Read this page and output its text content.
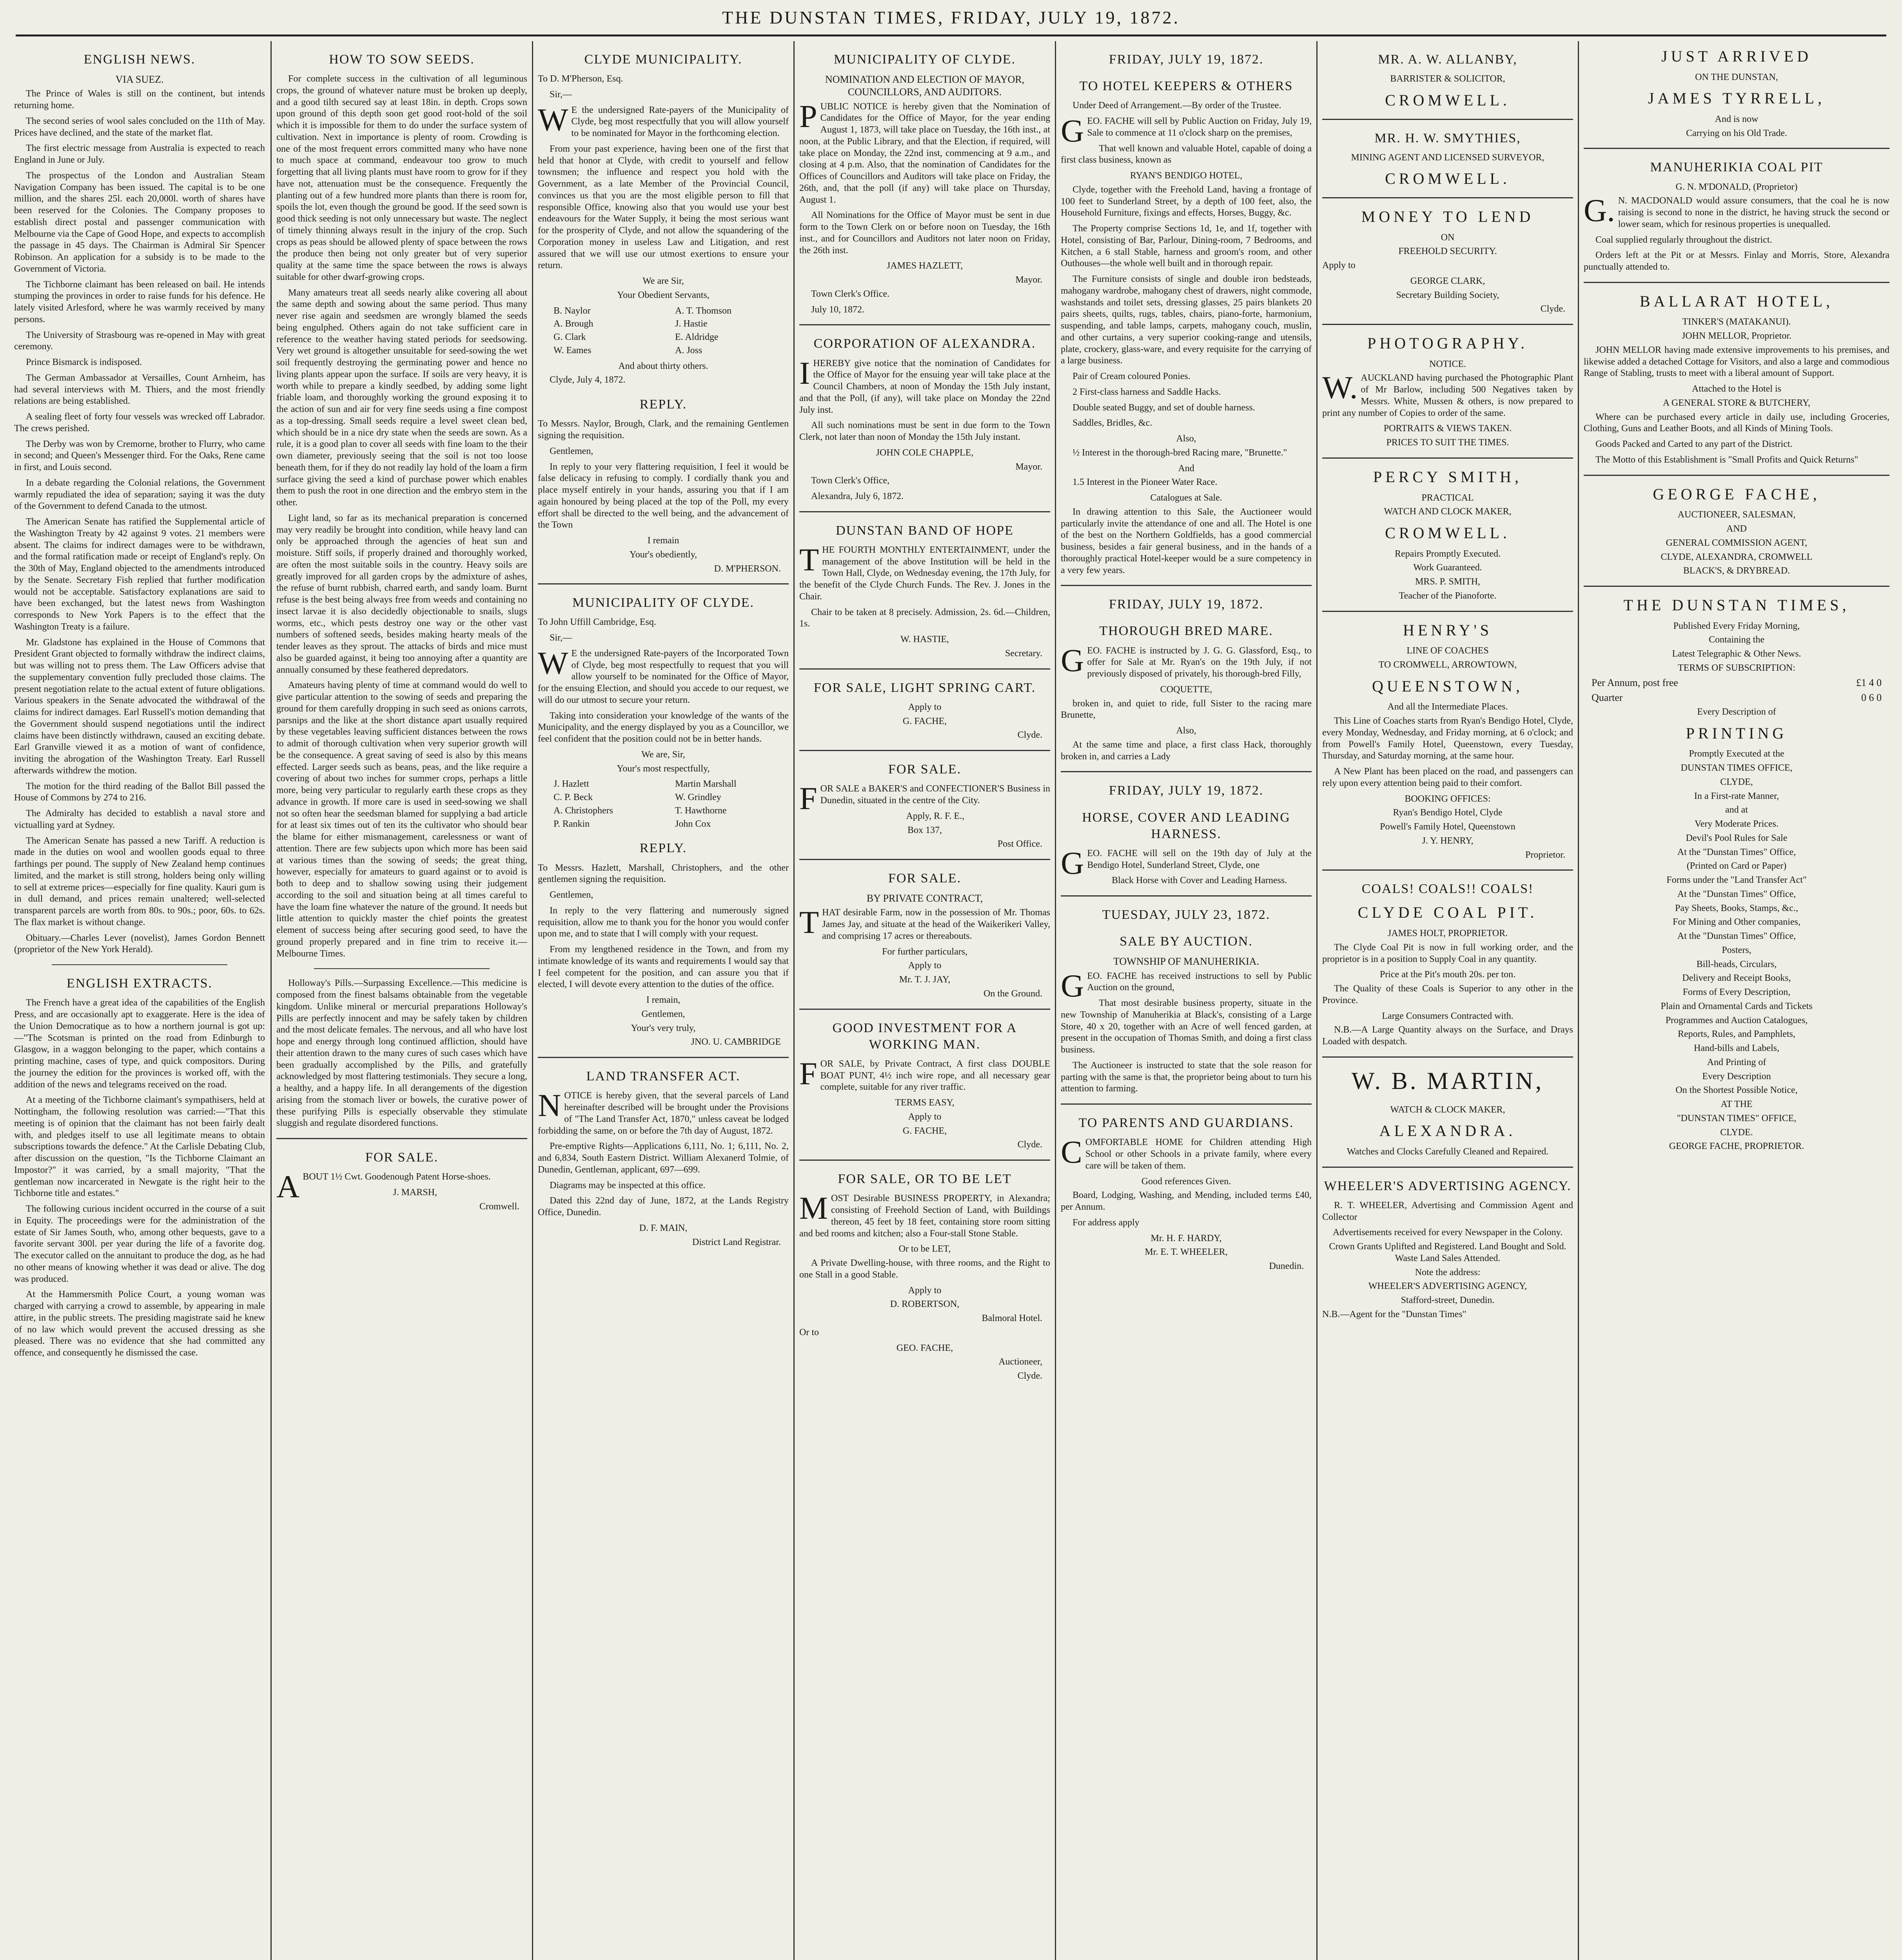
THE DUNSTAN TIMES, FRIDAY, JULY 19, 1872.
ENGLISH NEWS.
VIA SUEZ.
The Prince of Wales is still on the continent, but intends returning home.
The second series of wool sales concluded on the 11th of May. Prices have declined, and the state of the market flat.
The first electric message from Australia is expected to reach England in June or July.
The prospectus of the London and Australian Steam Navigation Company has been issued. The capital is to be one million, and the shares 25l. each 20,000l. worth of shares have been reserved for the Colonies. The Company proposes to establish direct postal and passenger communication with Melbourne via the Cape of Good Hope, and expects to accomplish the passage in 45 days. The Chairman is Admiral Sir Spencer Robinson. An application for a subsidy is to be made to the Government of Victoria.
The Tichborne claimant has been released on bail. He intends stumping the provinces in order to raise funds for his defence. He lately visited Arlesford, where he was warmly received by many persons.
The University of Strasbourg was re-opened in May with great ceremony.
Prince Bismarck is indisposed.
The German Ambassador at Versailles, Count Arnheim, has had several interviews with M. Thiers, and the most friendly relations are being established.
A sealing fleet of forty four vessels was wrecked off Labrador. The crews perished.
The Derby was won by Cremorne, brother to Flurry, who came in second; and Queen's Messenger third. For the Oaks, Rene came in first, and Louis second.
In a debate regarding the Colonial relations, the Government warmly repudiated the idea of separation; saying it was the duty of the Government to defend Canada to the utmost.
The American Senate has ratified the Supplemental article of the Washington Treaty by 42 against 9 votes. 21 members were absent. The claims for indirect damages were to be withdrawn, and the formal ratification made or receipt of England's reply. On the 30th of May, England objected to the amendments introduced by the Senate. Secretary Fish replied that further modification would not be acceptable. Satisfactory explanations are said to have been exchanged, but the latest news from Washington corresponds to New York Papers is to the effect that the Washington Treaty is a failure.
Mr. Gladstone has explained in the House of Commons that President Grant objected to formally withdraw the indirect claims, but was willing not to press them. The Law Officers advise that the supplementary convention fully precluded those claims. The present negotiation relate to the actual extent of future obligations. Various speakers in the Senate advocated the withdrawal of the claims for indirect damages. Earl Russell's motion demanding that the Government should suspend negotiations until the indirect claims have been distinctly withdrawn, caused an exciting debate. Earl Granville viewed it as a motion of want of confidence, inviting the abrogation of the Washington Treaty. Earl Russell afterwards withdrew the motion.
The motion for the third reading of the Ballot Bill passed the House of Commons by 274 to 216.
The Admiralty has decided to establish a naval store and victualling yard at Sydney.
The American Senate has passed a new Tariff. A reduction is made in the duties on wool and woollen goods equal to three farthings per pound. The supply of New Zealand hemp continues limited, and the market is still strong, holders being only willing to sell at extreme prices—especially for fine quality. Kauri gum is in dull demand, and prices remain unaltered; well-selected transparent parcels are worth from 80s. to 90s.; poor, 60s. to 62s. The flax market is without change.
Obituary.—Charles Lever (novelist), James Gordon Bennett (proprietor of the New York Herald).
ENGLISH EXTRACTS.
The French have a great idea of the capabilities of the English Press, and are occasionally apt to exaggerate. Here is the idea of the Union Democratique as to how a northern journal is got up:—"The Scotsman is printed on the road from Edinburgh to Glasgow, in a waggon belonging to the paper, which contains a printing machine, cases of type, and quick compositors. During the journey the edition for the provinces is worked off, with the addition of the news and telegrams received on the road.
At a meeting of the Tichborne claimant's sympathisers, held at Nottingham, the following resolution was carried:—"That this meeting is of opinion that the claimant has not been fairly dealt with, and pledges itself to use all legitimate means to obtain subscriptions towards the defence." At the Carlisle Debating Club, after discussion on the question, "Is the Tichborne Claimant an Impostor?" it was carried, by a small majority, "That the gentleman now incarcerated in Newgate is the right heir to the Tichborne title and estates."
The following curious incident occurred in the course of a suit in Equity. The proceedings were for the administration of the estate of Sir James South, who, among other bequests, gave to a favorite servant 300l. per year during the life of a favorite dog. The executor called on the annuitant to produce the dog, as he had no other means of knowing whether it was dead or alive. The dog was produced.
At the Hammersmith Police Court, a young woman was charged with carrying a crowd to assemble, by appearing in male attire, in the public streets. The presiding magistrate said he knew of no law which would prevent the accused dressing as she pleased. There was no evidence that she had committed any offence, and consequently he dismissed the case.
HOW TO SOW SEEDS.
For complete success in the cultivation of all leguminous crops, the ground of whatever nature must be broken up deeply, and a good tilth secured say at least 18in. in depth. Crops sown upon ground of this depth soon get good root-hold of the soil which it is impossible for them to do under the surface system of cultivation. Next in importance is plenty of room. Crowding is one of the most frequent errors committed many who have none to much space at command, endeavour too grow to much forgetting that all living plants must have room to grow for if they have not, attenuation must be the consequence. Frequently the planting out of a few hundred more plants than there is room for, spoils the lot, even though the ground be good. If the seed sown is good thick seeding is not only unnecessary but waste. The neglect of timely thinning always result in the injury of the crop. Such crops as peas should be allowed plenty of space between the rows the produce then being not only greater but of very superior quality at the same time the space between the rows is always suitable for other dwarf-growing crops.
Many amateurs treat all seeds nearly alike covering all about the same depth and sowing about the same period. Thus many never rise again and seedsmen are wrongly blamed the seeds being engulphed. Others again do not take sufficient care in reference to the weather having stated periods for seedsowing. Very wet ground is altogether unsuitable for seed-sowing the wet soil frequently destroying the germinating power and hence no living plants appear upon the surface. If soils are very heavy, it is worth while to prepare a kindly seedbed, by adding some light friable loam, and thoroughly working the ground exposing it to the action of sun and air for very fine seeds using a fine compost as a top-dressing. Small seeds require a level sweet clean bed, which should be in a nice dry state when the seeds are sown. As a rule, it is a good plan to cover all seeds with fine loam to the their own diameter, previously seeing that the soil is not too loose beneath them, for if they do not readily lay hold of the loam a firm surface giving the seed a kind of purchase power which enables them to push the root in one direction and the embryo stem in the other.
Light land, so far as its mechanical preparation is concerned may very readily be brought into condition, while heavy land can only be approached through the agencies of heat sun and moisture. Stiff soils, if properly drained and thoroughly worked, are often the most suitable soils in the country. Heavy soils are greatly improved for all garden crops by the admixture of ashes, the refuse of burnt rubbish, charred earth, and sandy loam. Burnt refuse is the best being always free from weeds and containing no insect larvae it is also decidedly objectionable to snails, slugs worms, etc., which pests destroy one way or the other vast numbers of softened seeds, besides making hearty meals of the tender leaves as they sprout. The attacks of birds and mice must also be guarded against, it being too annoying after a quantity are annually consumed by these feathered depredators.
Amateurs having plenty of time at command would do well to give particular attention to the sowing of seeds and preparing the ground for them carefully dropping in such seed as onions carrots, parsnips and the like at the short distance apart usually required by these vegetables leaving sufficient distances between the rows to admit of thorough cultivation when very superior growth will be the consequence. A great saving of seed is also by this means effected. Larger seeds such as beans, peas, and the like require a covering of about two inches for summer crops, perhaps a little more, being very particular to regularly earth these crops as they advance in growth. If more care is used in seed-sowing we shall not so often hear the seedsman blamed for supplying a bad article for at least six times out of ten its the cultivator who should bear the blame for either mismanagement, carelessness or want of attention. There are few subjects upon which more has been said at various times than the sowing of seeds; the great thing, however, especially for amateurs to guard against or to avoid is both to deep and to shallow sowing using their judgement according to the soil and situation being at all times careful to have the loam fine whatever the nature of the ground. It needs but little attention to quickly master the chief points the greatest element of success being after securing good seed, to have the ground properly prepared and in fine trim to receive it.—Melbourne Times.
Holloway's Pills.—Surpassing Excellence.—This medicine is composed from the finest balsams obtainable from the vegetable kingdom. Unlike mineral or mercurial preparations Holloway's Pills are perfectly innocent and may be safely taken by children and the most delicate females. The nervous, and all who have lost hope and energy through long continued affliction, should have their attention drawn to the many cures of such cases which have been gradually accomplished by the Pills, and gratefully acknowledged by most flattering testimonials. They secure a long, a healthy, and a happy life. In all derangements of the digestion arising from the stomach liver or bowels, the curative power of these purifying Pills is especially observable they stimulate sluggish and regulate disordered functions.
FOR SALE.
ABOUT 1½ Cwt. Goodenough Patent Horse-shoes.
J. MARSH,
Cromwell.
CLYDE MUNICIPALITY.
To D. M'Pherson, Esq.
Sir,—
WE the undersigned Rate-payers of the Municipality of Clyde, beg most respectfully that you will allow yourself to be nominated for Mayor in the forthcoming election.
From your past experience, having been one of the first that held that honor at Clyde, with credit to yourself and fellow townsmen; the influence and respect you hold with the Government, as a late Member of the Provincial Council, convinces us that you are the most eligible person to fill that responsible Office, knowing also that you would use your best endeavours for the Water Supply, it being the most serious want for the prosperity of Clyde, and not allow the squandering of the Corporation money in useless Law and Litigation, and rest assured that we will use our utmost exertions to ensure your return.
We are Sir,
Your Obedient Servants,
B. Naylor	A. T. Thomson
A. Brough	J. Hastie
G. Clark	E. Aldridge
W. Eames	A. Joss
And about thirty others.
Clyde, July 4, 1872.
REPLY.
To Messrs. Naylor, Brough, Clark, and the remaining Gentlemen signing the requisition.
Gentlemen,
In reply to your very flattering requisition, I feel it would be false delicacy in refusing to comply. I cordially thank you and place myself entirely in your hands, assuring you that if I am again honoured by being placed at the top of the Poll, my every effort shall be directed to the well being, and the advancement of the Town
I remain
Your's obediently,
D. M'PHERSON.
MUNICIPALITY OF CLYDE.
To John Uffill Cambridge, Esq.
Sir,—
WE the undersigned Rate-payers of the Incorporated Town of Clyde, beg most respectfully to request that you will allow yourself to be nominated for the Office of Mayor, for the ensuing Election, and should you accede to our request, we will do our utmost to secure your return.
Taking into consideration your knowledge of the wants of the Municipality, and the energy displayed by you as a Councillor, we feel confident that the position could not be in better hands.
We are, Sir,
Your's most respectfully,
J. Hazlett	Martin Marshall
C. P. Beck	W. Grindley
A. Christophers	T. Hawthorne
P. Rankin	John Cox
REPLY.
To Messrs. Hazlett, Marshall, Christophers, and the other gentlemen signing the requisition.
Gentlemen,
In reply to the very flattering and numerously signed requisition, allow me to thank you for the honor you would confer upon me, and to state that I will comply with your request.
From my lengthened residence in the Town, and from my intimate knowledge of its wants and requirements I would say that I feel competent for the position, and can assure you that if elected, I will devote every attention to the duties of the office.
I remain,
Gentlemen,
Your's very truly,
JNO. U. CAMBRIDGE
LAND TRANSFER ACT.
NOTICE is hereby given, that the several parcels of Land hereinafter described will be brought under the Provisions of "The Land Transfer Act, 1870," unless caveat be lodged forbidding the same, on or before the 7th day of August, 1872.
Pre-emptive Rights—Applications 6,111, No. 1; 6,111, No. 2, and 6,834, South Eastern District. William Alexanerd Tolmie, of Dunedin, Gentleman, applicant, 697—699.
Diagrams may be inspected at this office.
Dated this 22nd day of June, 1872, at the Lands Registry Office, Dunedin.
D. F. MAIN,
District Land Registrar.
MUNICIPALITY OF CLYDE.
NOMINATION AND ELECTION OF MAYOR, COUNCILLORS, AND AUDITORS.
PUBLIC NOTICE is hereby given that the Nomination of Candidates for the Office of Mayor, for the year ending August 1, 1873, will take place on Tuesday, the 16th inst., at noon, at the Public Library, and that the Election, if required, will take place on Monday, the 22nd inst, commencing at 9 a.m., and closing at 4 p.m. Also, that the nomination of Candidates for the Offices of Councillors and Auditors will take place on Friday, the 26th, and, that the poll (if any) will take place on Thursday, August 1.
All Nominations for the Office of Mayor must be sent in due form to the Town Clerk on or before noon on Tuesday, the 16th inst., and for Councillors and Auditors not later noon on Friday, the 26th inst.
JAMES HAZLETT,
Mayor.
Town Clerk's Office.
July 10, 1872.
CORPORATION OF ALEXANDRA.
IHEREBY give notice that the nomination of Candidates for the Office of Mayor for the ensuing year will take place at the Council Chambers, at noon of Monday the 15th July instant, and that the Poll, (if any), will take place on Monday the 22nd July inst.
All such nominations must be sent in due form to the Town Clerk, not later than noon of Monday the 15th July instant.
JOHN COLE CHAPPLE,
Mayor.
Town Clerk's Office,
Alexandra, July 6, 1872.
DUNSTAN BAND OF HOPE
THE FOURTH MONTHLY ENTERTAINMENT, under the management of the above Institution will be held in the Town Hall, Clyde, on Wednesday evening, the 17th July, for the benefit of the Clyde Church Funds. The Rev. J. Jones in the Chair.
Chair to be taken at 8 precisely. Admission, 2s. 6d.—Children, 1s.
W. HASTIE,
Secretary.
FOR SALE, LIGHT SPRING CART.
Apply to
G. FACHE,
Clyde.
FOR SALE.
FOR SALE a BAKER'S and CONFECTIONER'S Business in Dunedin, situated in the centre of the City.
Apply, R. F. E.,
Box 137,
Post Office.
FOR SALE.
BY PRIVATE CONTRACT,
THAT desirable Farm, now in the possession of Mr. Thomas James Jay, and situate at the head of the Waikerikeri Valley, and comprising 17 acres or thereabouts.
For further particulars,
Apply to
Mr. T. J. JAY,
On the Ground.
GOOD INVESTMENT FOR A WORKING MAN.
FOR SALE, by Private Contract, A first class DOUBLE BOAT PUNT, 4½ inch wire rope, and all necessary gear complete, suitable for any river traffic.
TERMS EASY,
Apply to
G. FACHE,
Clyde.
FOR SALE, OR TO BE LET
MOST Desirable BUSINESS PROPERTY, in Alexandra; consisting of Freehold Section of Land, with Buildings thereon, 45 feet by 18 feet, containing store room sitting and bed rooms and kitchen; also a Four-stall Stone Stable.
Or to be LET,
A Private Dwelling-house, with three rooms, and the Right to one Stall in a good Stable.
Apply to
D. ROBERTSON,
Balmoral Hotel.
Or to
GEO. FACHE,
Auctioneer,
Clyde.
FRIDAY, JULY 19, 1872.
TO HOTEL KEEPERS & OTHERS
Under Deed of Arrangement.—By order of the Trustee.
GEO. FACHE will sell by Public Auction on Friday, July 19, Sale to commence at 11 o'clock sharp on the premises,
That well known and valuable Hotel, capable of doing a first class business, known as
RYAN'S BENDIGO HOTEL,
Clyde, together with the Freehold Land, having a frontage of 100 feet to Sunderland Street, by a depth of 100 feet, also, the Household Furniture, fixings and effects, Horses, Buggy, &c.
The Property comprise Sections 1d, 1e, and 1f, together with Hotel, consisting of Bar, Parlour, Dining-room, 7 Bedrooms, and Kitchen, a 6 stall Stable, harness and groom's room, and other Outhouses—the whole well built and in thorough repair.
The Furniture consists of single and double iron bedsteads, mahogany wardrobe, mahogany chest of drawers, night commode, washstands and toilet sets, dressing glasses, 25 pairs blankets 20 pairs sheets, quilts, rugs, tables, chairs, piano-forte, harmonium, suspending, and table lamps, carpets, mahogany couch, muslin, and other curtains, a very superior cooking-range and utensils, plate, crockery, glass-ware, and every requisite for the carrying of a large business.
Pair of Cream coloured Ponies.
2 First-class harness and Saddle Hacks.
Double seated Buggy, and set of double harness.
Saddles, Bridles, &c.
Also,
½ Interest in the thorough-bred Racing mare, "Brunette."
And
1.5 Interest in the Pioneer Water Race.
Catalogues at Sale.
In drawing attention to this Sale, the Auctioneer would particularly invite the attendance of one and all. The Hotel is one of the best on the Northern Goldfields, has a good commercial business, besides a fair general business, and in the hands of a thoroughly practical Hotel-keeper would be a sure competency in a very few years.
FRIDAY, JULY 19, 1872.
THOROUGH BRED MARE.
GEO. FACHE is instructed by J. G. G. Glassford, Esq., to offer for Sale at Mr. Ryan's on the 19th July, if not previously disposed of privately, his thorough-bred Filly,
COQUETTE,
broken in, and quiet to ride, full Sister to the racing mare Brunette,
Also,
At the same time and place, a first class Hack, thoroughly broken in, and carries a Lady
FRIDAY, JULY 19, 1872.
HORSE, COVER AND LEADING HARNESS.
GEO. FACHE will sell on the 19th day of July at the Bendigo Hotel, Sunderland Street, Clyde, one
Black Horse with Cover and Leading Harness.
TUESDAY, JULY 23, 1872.
SALE BY AUCTION.
TOWNSHIP OF MANUHERIKIA.
GEO. FACHE has received instructions to sell by Public Auction on the ground,
That most desirable business property, situate in the new Township of Manuherikia at Black's, consisting of a Large Store, 40 x 20, together with an Acre of well fenced garden, at present in the occupation of Thomas Smith, and doing a first class business.
The Auctioneer is instructed to state that the sole reason for parting with the same is that, the proprietor being about to turn his attention to farming.
TO PARENTS AND GUARDIANS.
COMFORTABLE HOME for Children attending High School or other Schools in a private family, where every care will be taken of them.
Good references Given.
Board, Lodging, Washing, and Mending, included terms £40, per Annum.
For address apply
Mr. H. F. HARDY,
Mr. E. T. WHEELER,
Dunedin.
MR. A. W. ALLANBY,
BARRISTER & SOLICITOR,
CROMWELL.
MR. H. W. SMYTHIES,
MINING AGENT AND LICENSED SURVEYOR,
CROMWELL.
MONEY TO LEND
ON
FREEHOLD SECURITY.
Apply to
GEORGE CLARK,
Secretary Building Society,
Clyde.
PHOTOGRAPHY.
NOTICE.
W.AUCKLAND having purchased the Photographic Plant of Mr Barlow, including 500 Negatives taken by Messrs. White, Mussen & others, is now prepared to print any number of Copies to order of the same.
PORTRAITS & VIEWS TAKEN.
PRICES TO SUIT THE TIMES.
PERCY SMITH,
PRACTICAL
WATCH AND CLOCK MAKER,
CROMWELL.
Repairs Promptly Executed.
Work Guaranteed.
MRS. P. SMITH,
Teacher of the Pianoforte.
HENRY'S
LINE OF COACHES
TO CROMWELL, ARROWTOWN,
QUEENSTOWN,
And all the Intermediate Places.
This Line of Coaches starts from Ryan's Bendigo Hotel, Clyde, every Monday, Wednesday, and Friday morning, at 6 o'clock; and from Powell's Family Hotel, Queenstown, every Tuesday, Thursday, and Saturday morning, at the same hour.
A New Plant has been placed on the road, and passengers can rely upon every attention being paid to their comfort.
BOOKING OFFICES:
Ryan's Bendigo Hotel, Clyde
Powell's Family Hotel, Queenstown
J. Y. HENRY,
Proprietor.
COALS! COALS!! COALS!
CLYDE COAL PIT.
JAMES HOLT, PROPRIETOR.
The Clyde Coal Pit is now in full working order, and the proprietor is in a position to Supply Coal in any quantity.
Price at the Pit's mouth 20s. per ton.
The Quality of these Coals is Superior to any other in the Province.
Large Consumers Contracted with.
N.B.—A Large Quantity always on the Surface, and Drays Loaded with despatch.
W. B. MARTIN,
WATCH & CLOCK MAKER,
ALEXANDRA.
Watches and Clocks Carefully Cleaned and Repaired.
WHEELER'S ADVERTISING AGENCY.
R. T. WHEELER, Advertising and Commission Agent and Collector
Advertisements received for every Newspaper in the Colony.
Crown Grants Uplifted and Registered. Land Bought and Sold. Waste Land Sales Attended.
Note the address:
WHEELER'S ADVERTISING AGENCY,
Stafford-street, Dunedin.
N.B.—Agent for the "Dunstan Times"
JUST ARRIVED
ON THE DUNSTAN,
JAMES TYRRELL,
And is now
Carrying on his Old Trade.
MANUHERIKIA COAL PIT
G. N. M'DONALD, (Proprietor)
G.N. MACDONALD would assure consumers, that the coal he is now raising is second to none in the district, he having struck the second or lower seam, which for resinous properties is unequalled.
Coal supplied regularly throughout the district.
Orders left at the Pit or at Messrs. Finlay and Morris, Store, Alexandra punctually attended to.
BALLARAT HOTEL,
TINKER'S (MATAKANUI).
JOHN MELLOR, Proprietor.
JOHN MELLOR having made extensive improvements to his premises, and likewise added a detached Cottage for Visitors, and also a large and commodious Range of Stabling, trusts to meet with a liberal amount of Support.
Attached to the Hotel is
A GENERAL STORE & BUTCHERY,
Where can be purchased every article in daily use, including Groceries, Clothing, Guns and Leather Boots, and all Kinds of Mining Tools.
Goods Packed and Carted to any part of the District.
The Motto of this Establishment is "Small Profits and Quick Returns"
GEORGE FACHE,
AUCTIONEER, SALESMAN,
AND
GENERAL COMMISSION AGENT,
CLYDE, ALEXANDRA, CROMWELL
BLACK'S, & DRYBREAD.
THE DUNSTAN TIMES,
Published Every Friday Morning,
Containing the
Latest Telegraphic & Other News.
TERMS OF SUBSCRIPTION:
Per Annum, post free	£1 4 0
Quarter	0 6 0
Every Description of
PRINTING
Promptly Executed at the
DUNSTAN TIMES OFFICE,
CLYDE,
In a First-rate Manner,
and at
Very Moderate Prices.
Devil's Pool Rules for Sale
At the "Dunstan Times" Office,
(Printed on Card or Paper)
Forms under the "Land Transfer Act"
At the "Dunstan Times" Office,
Pay Sheets, Books, Stamps, &c.,
For Mining and Other companies,
At the "Dunstan Times" Office,
Posters,
Bill-heads, Circulars,
Delivery and Receipt Books,
Forms of Every Description,
Plain and Ornamental Cards and Tickets
Programmes and Auction Catalogues,
Reports, Rules, and Pamphlets,
Hand-bills and Labels,
And Printing of
Every Description
On the Shortest Possible Notice,
AT THE
"DUNSTAN TIMES" OFFICE,
CLYDE.
GEORGE FACHE, PROPRIETOR.
